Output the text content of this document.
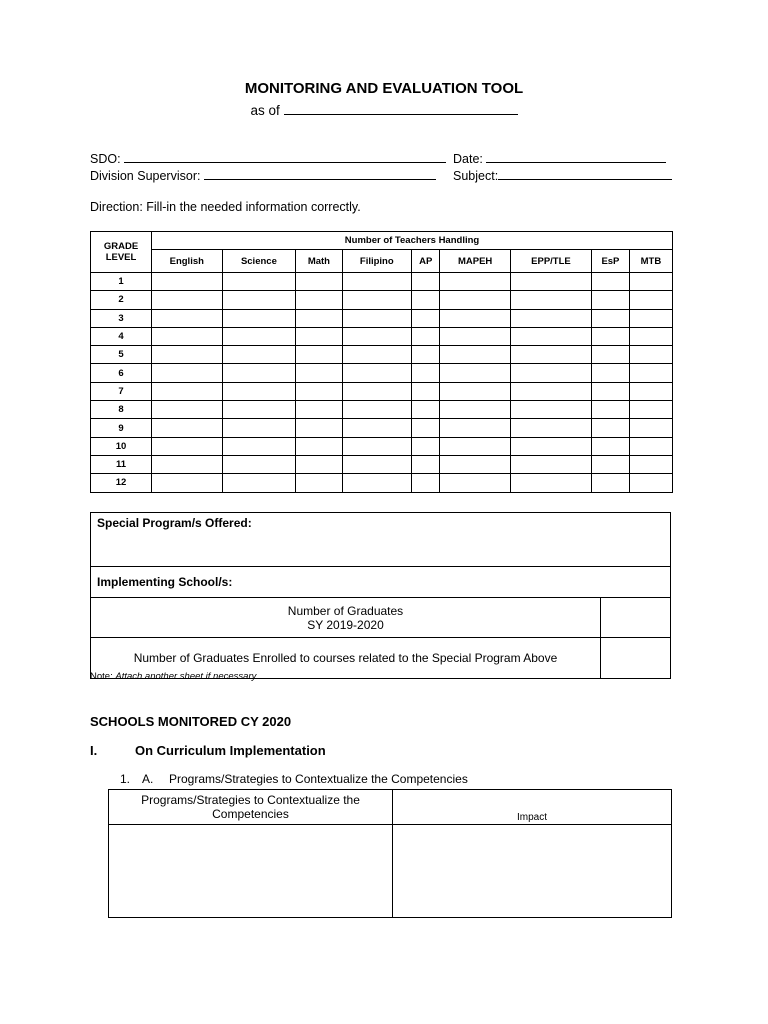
MONITORING AND EVALUATION TOOL
as of
SDO:	Date:
Division Supervisor:	Subject:
Direction: Fill-in the needed information correctly.
GRADE
LEVEL	Number of Teachers Handling								
	English	Science	Math	Filipino	AP	MAPEH	EPP/TLE	EsP	MTB
1									
2									
3									
4									
5									
6									
7									
8									
9									
10									
11									
12									
Special Program/s Offered:	
Implementing School/s:	

Number of Graduates
SY 2019-2020	

Number of Graduates Enrolled to courses related to the Special Program Above	
Note: Attach another sheet if necessary.
SCHOOLS MONITORED CY 2020
I.	On Curriculum Implementation
1. A. Programs/Strategies to Contextualize the Competencies
Programs/Strategies to Contextualize the
Competencies	Impact
